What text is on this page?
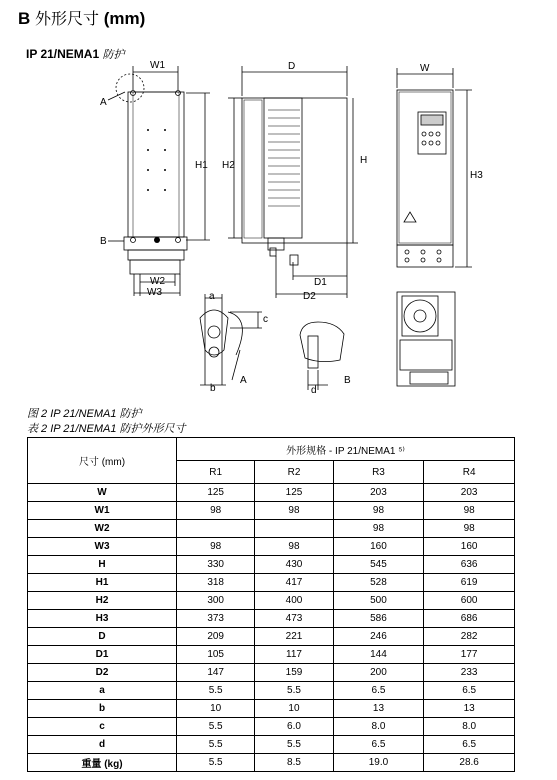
B 外形尺寸 (mm)
IP 21/NEMA1 防护
W1	D	W
A
B
H1 H2	H
H3
W2
W3
D1
D2
a
c
b
A
d
B
图 2 IP 21/NEMA1 防护
表 2 IP 21/NEMA1 防护外形尺寸
尺寸 (mm)	外形规格 - IP 21/NEMA1 ⁵⁾			
	R1	R2	R3	R4
W	125	125	203	203
W1	98	98	98	98
W2			98	98
W3	98	98	160	160
H	330	430	545	636
H1	318	417	528	619
H2	300	400	500	600
H3	373	473	586	686
D	209	221	246	282
D1	105	117	144	177
D2	147	159	200	233
a	5.5	5.5	6.5	6.5
b	10	10	13	13
c	5.5	6.0	8.0	8.0
d	5.5	5.5	6.5	6.5
重量 (kg)	5.5	8.5	19.0	28.6
